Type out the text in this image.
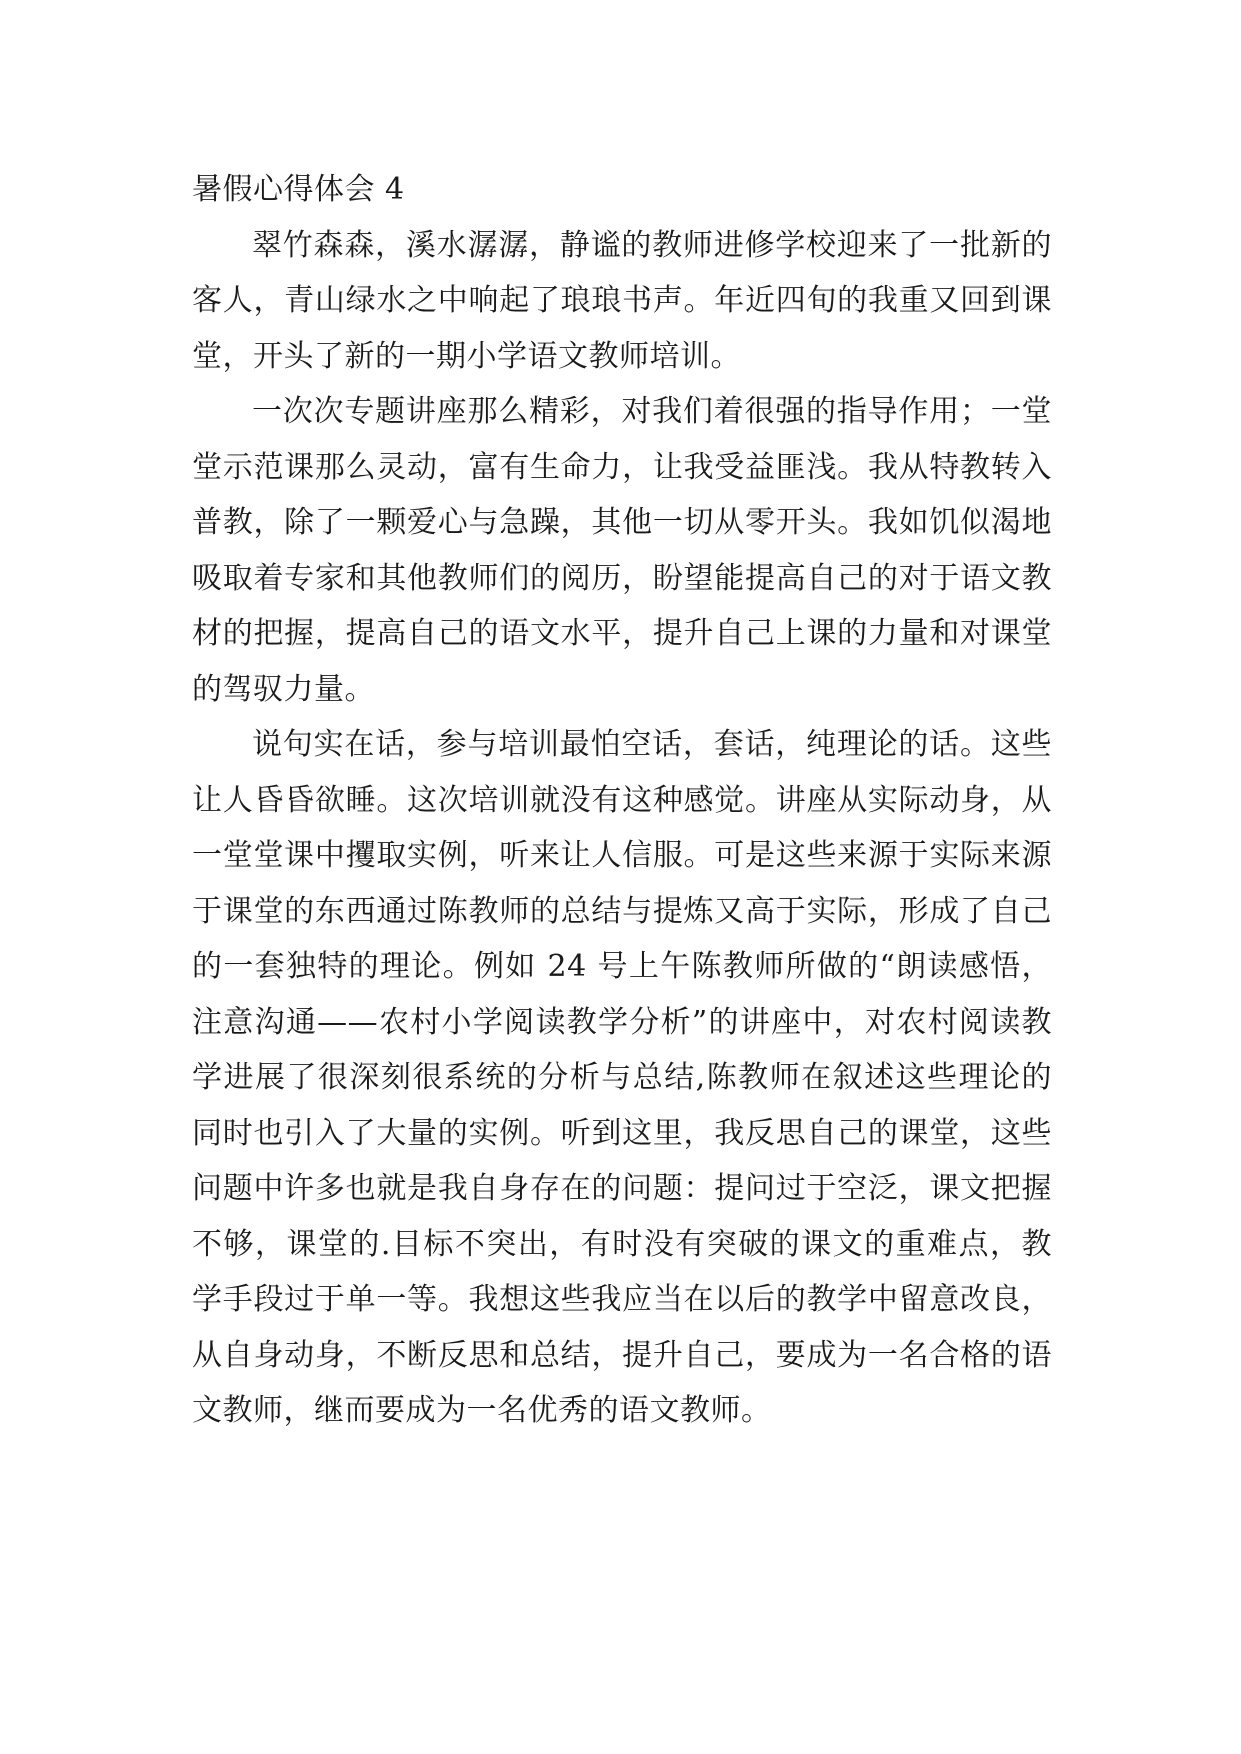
暑假心得体会 4

翠竹森森，溪水潺潺，静谧的教师进修学校迎来了一批新的客人，青山绿水之中响起了琅琅书声。年近四旬的我重又回到课堂，开头了新的一期小学语文教师培训。

一次次专题讲座那么精彩，对我们着很强的指导作用；一堂堂示范课那么灵动，富有生命力，让我受益匪浅。我从特教转入普教，除了一颗爱心与急躁，其他一切从零开头。我如饥似渴地吸取着专家和其他教师们的阅历，盼望能提高自己的对于语文教材的把握，提高自己的语文水平，提升自己上课的力量和对课堂的驾驭力量。

说句实在话，参与培训最怕空话，套话，纯理论的话。这些让人昏昏欲睡。这次培训就没有这种感觉。讲座从实际动身，从一堂堂课中攫取实例，听来让人信服。可是这些来源于实际来源于课堂的东西通过陈教师的总结与提炼又高于实际，形成了自己的一套独特的理论。例如 24 号上午陈教师所做的“朗读感悟，注意沟通——农村小学阅读教学分析”的讲座中，对农村阅读教学进展了很深刻很系统的分析与总结,陈教师在叙述这些理论的同时也引入了大量的实例。听到这里，我反思自己的课堂，这些问题中许多也就是我自身存在的问题：提问过于空泛，课文把握不够，课堂的.目标不突出，有时没有突破的课文的重难点，教学手段过于单一等。我想这些我应当在以后的教学中留意改良，从自身动身，不断反思和总结，提升自己，要成为一名合格的语文教师，继而要成为一名优秀的语文教师。
